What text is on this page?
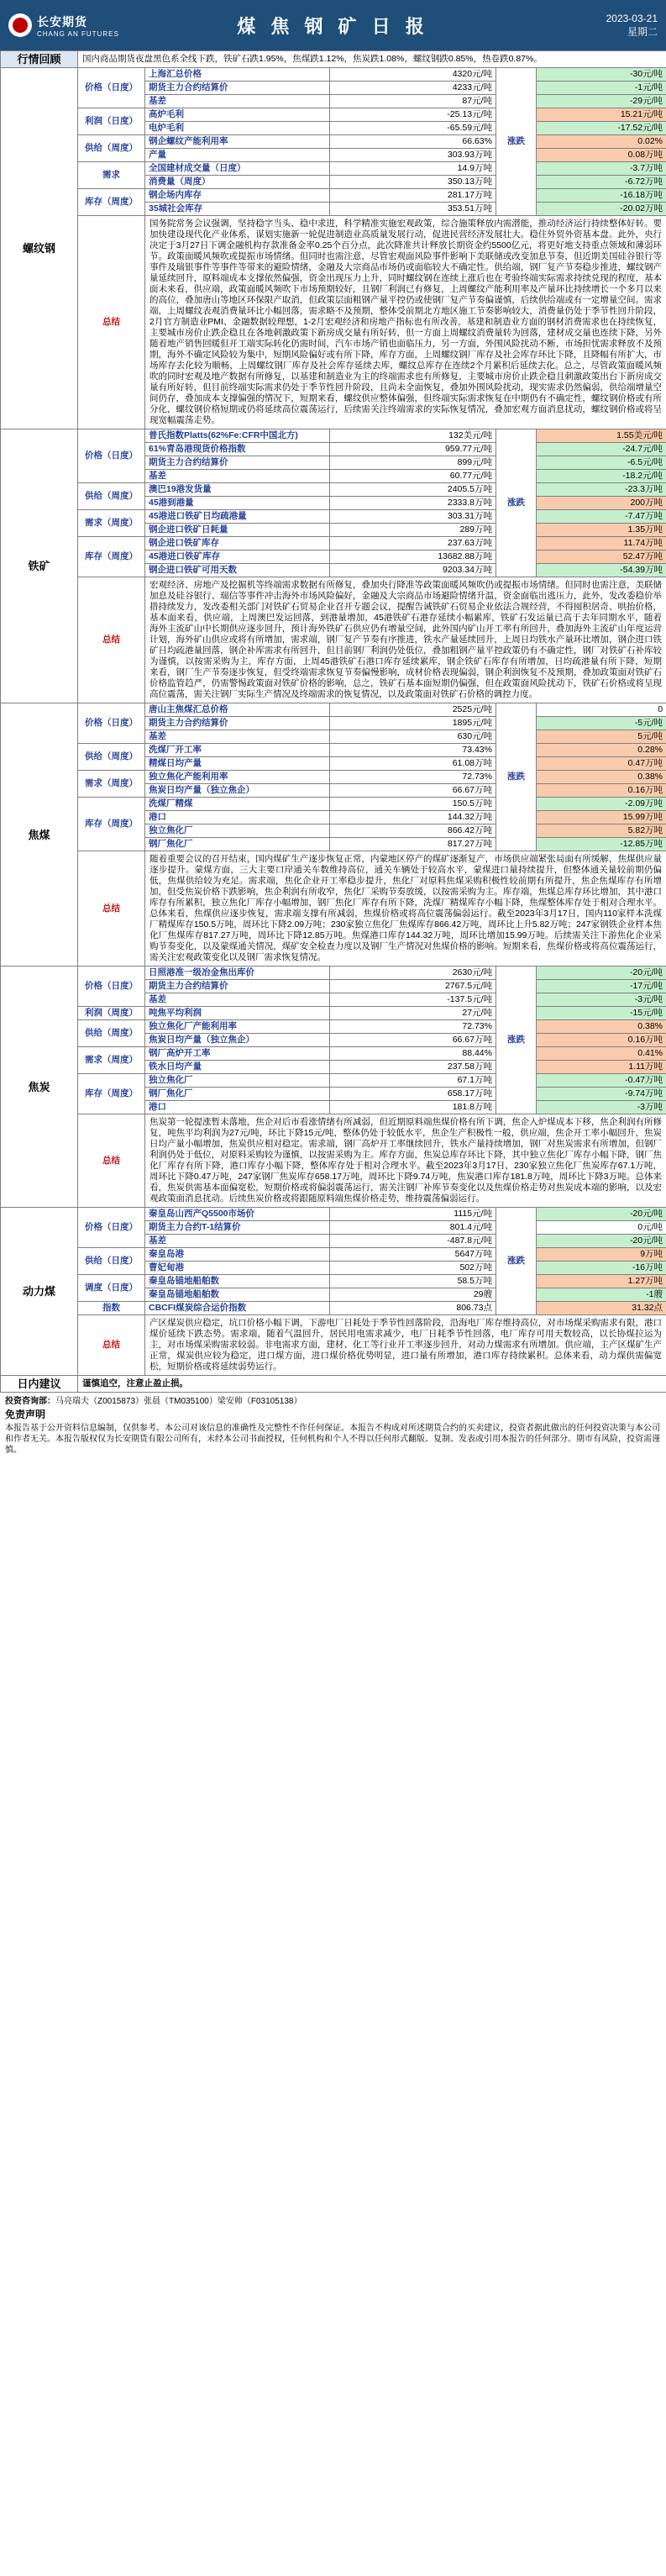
长安期货
CHANG AN FUTURES	煤 焦 钢 矿 日 报	2023-03-21
星期二
行情回顾	国内商品期货夜盘黑色系全线下跌，铁矿石跌1.95%，焦煤跌1.12%，焦炭跌1.08%，螺纹钢跌0.85%，热卷跌0.87%。				
螺纹钢	价格（日度）	上海汇总价格	4320元/吨	涨跌	-30元/吨
		期货主力合约结算价	4233元/吨		-1元/吨
		基差	87元/吨		-29元/吨
	利润（日度）	高炉毛利	-25.13元/吨		15.21元/吨
		电炉毛利	-65.59元/吨		-17.52元/吨
	供给（周度）	钢企螺纹产能利用率	66.63%		0.02%
		产量	303.93万吨		0.08万吨
	需求	全国建材成交量（日度）	14.9万吨		-3.7万吨
		消费量（周度）	350.13万吨		-6.72万吨
	库存（周度）	钢企场内库存	281.17万吨		-16.18万吨
		35城社会库存	353.51万吨		-20.02万吨
	总结	国务院常务会议强调，坚持稳字当头、稳中求进，科学精准实施宏观政策，综合施策释放内需潜能，推动经济运行持续整体好转。要加快建设现代化产业体系，谋划实施新一轮促进制造业高质量发展行动，促进民营经济发展壮大。稳住外贸外资基本盘。此外，央行决定于3月27日下调金融机构存款准备金率0.25个百分点，此次降准共计释放长期资金约5500亿元，将更好地支持重点领域和薄弱环节。政策面暖风频吹或提振市场情绪。但同时也需注意，尽管宏观面风险事件影响下美联储或改变加息节奏，但近期美国硅谷银行等事件及瑞银事件等事件等带来的避险情绪，金融及大宗商品市场仍或面临较大不确定性。供给端，钢厂复产节奏稳步推进，螺纹钢产量延续回升，原料端成本支撑依然偏强，资金出现压力上升，同时螺纹钢在连续上涨后也在考验终端实际需求持续兑现的程度，基本面未来看，供应端，政策面暖风频吹下市场预期较好，且钢厂利润已有修复，上周螺纹产能利用率及产量环比持续增长一个多月以来的高位，叠加唐山等地区环保限产取消，但政策层面粗钢产量平控仍或使钢厂复产节奏偏谨慎，后续供给端或有一定增量空间。需求端，上周螺纹表观消费量环比小幅回落，需求略不及预期，整体受前期北方地区施工节奏影响较大，消费量仍处于季节性回升阶段，2月官方制造业PMI、金融数据较理想，1-2月宏观经济和房地产指标也有所改善，基建和制造业方面的钢材消费需求也在持续恢复，主要城市房价止跌企稳且在各地刺激政策下新房成交量有所好转，但一方面上周螺纹消费量转为回落，建材成交量也连续下降，另外随着地产销售回暖但开工端实际转化仍需时间，汽车市场产销也面临压力，另一方面，外围风险扰动不断，市场担忧需求释放不及预期，海外不确定风险较为集中，短期风险偏好或有所下降，库存方面，上周螺纹钢厂库存及社会库存环比下降，且降幅有所扩大，市场库存去化较为顺畅，上周螺纹钢厂库存及社会库存延续去库，螺纹总库存在连续2个月累积后延续去化。总之，尽管政策面暖风频吹的同时宏观及地产数据有所修复，以基建和制造业为主的终端需求也有所修复，主要城市房价止跌企稳且刺激政策出台下新房成交量有所好转，但目前终端实际需求仍处于季节性回升阶段，且尚未全面恢复，叠加外围风险扰动，现实需求仍然偏弱，供给端增量空间仍存，叠加成本支撑偏强的情况下，短期来看，螺纹供应整体偏强，但终端实际需求恢复在中期仍有不确定性，螺纹钢价格或有所分化，螺纹钢价格短期或仍将延续高位震荡运行，后续需关注终端需求的实际恢复情况，叠加宏观方面消息扰动，螺纹钢价格或将呈现宽幅震荡走势。			
铁矿	价格（日度）	普氏指数Platts(62%Fe:CFR中国北方)	132美元/吨	涨跌	1.55美元/吨
		61%青岛港现货价格指数	959.77元/吨		-24.7元/吨
		期货主力合约结算价	899元/吨		-6.5元/吨
		基差	60.77元/吨		-18.2元/吨
	供给（周度）	澳巴19港发货量	2405.5万吨		-23.3万吨
		45港到港量	2333.8万吨		200万吨
	需求（周度）	45港进口铁矿日均疏港量	303.31万吨		-7.47万吨
		钢企进口铁矿日耗量	289万吨		1.35万吨
	库存（周度）	钢企进口铁矿库存	237.63万吨		11.74万吨
		45港进口铁矿库存	13682.88万吨		52.47万吨
		钢企进口铁矿可用天数	9203.34万吨		-54.39万吨
	总结	宏观经济、房地产及挖掘机等终端需求数据有所修复，叠加央行降准等政策面暖风频吹仍或提振市场情绪。但同时也需注意，美联储加息及硅谷银行、瑞信等事件冲击海外市场风险偏好，金融及大宗商品市场避险情绪升温，资金面临出逃压力，此外，发改委稳价举措持续发力，发改委相关部门对铁矿石贸易企业召开专题会议，提醒告诫铁矿石贸易企业依法合规经营，不得囤积居奇、哄抬价格，基本面来看，供应端，上周澳巴发运回落，到港量增加，45港铁矿石港存延续小幅累库，铁矿石发运量已高于去年同期水平，随着海外主流矿山中长期供应逐步回升，预计海外铁矿石供应仍有增量空间，此外国内矿山开工率有所回升，叠加海外主流矿山年度运营计划，海外矿山供应或将有所增加，需求端，钢厂复产节奏有序推进，铁水产量延续回升，上周日均铁水产量环比增加，钢企进口铁矿日均疏港量回落，钢企补库需求有所回升，但目前钢厂利润仍处低位，叠加粗钢产量平控政策仍有不确定性，钢厂对铁矿石补库较为谨慎，以按需采购为主，库存方面，上周45港铁矿石港口库存延续累库，钢企铁矿石库存有所增加，日均疏港量有所下降，短期来看，钢厂生产节奏逐步恢复，但受终端需求恢复节奏偏慢影响，成材价格表现偏弱，钢企利润恢复不及预期，叠加政策面对铁矿石价格监管趋严，仍需警惕政策面对铁矿价格的影响，总之，铁矿石基本面短期仍偏强，但在政策面风险扰动下，铁矿石价格或将呈现高位震荡，需关注钢厂实际生产情况及终端需求的恢复情况，以及政策面对铁矿石价格的调控力度。			
焦煤	价格（日度）	唐山主焦煤汇总价格	2525元/吨	涨跌	0
		期货主力合约结算价	1895元/吨		-5元/吨
		基差	630元/吨		5元/吨
	供给（周度）	洗煤厂开工率	73.43%		0.28%
		精煤日均产量	61.08万吨		0.47万吨
	需求（周度）	独立焦化产能利用率	72.73%		0.38%
		焦炭日均产量（独立焦企）	66.67万吨		0.16万吨
	库存（周度）	洗煤厂精煤	150.5万吨		-2.09万吨
		港口	144.32万吨		15.99万吨
		独立焦化厂	866.42万吨		5.82万吨
		钢厂焦化厂	817.27万吨		-12.85万吨
	总结	随着重要会议的召开结束，国内煤矿生产逐步恢复正常，内蒙地区停产的煤矿逐渐复产，市场供应端紧张局面有所缓解，焦煤供应量逐步提升。蒙煤方面，三大主要口岸通关车数维持高位，通关车辆处于较高水平，蒙煤进口量持续提升，但整体通关量较前期仍偏低，焦煤供给较为充足。需求端，焦化企业开工率稳步提升，焦化厂对原料焦煤采购积极性较前期有所提升，焦企焦煤库存有所增加，但受焦炭价格下跌影响，焦企利润有所收窄，焦化厂采购节奏放缓，以按需采购为主。库存端，焦煤总库存环比增加，其中港口库存有所累积，独立焦化厂库存小幅增加，钢厂焦化厂库存有所下降，洗煤厂精煤库存小幅下降，焦煤整体库存处于相对合理水平。总体来看，焦煤供应逐步恢复，需求端支撑有所减弱，焦煤价格或将高位震荡偏弱运行。截至2023年3月17日，国内110家样本洗煤厂精煤库存150.5万吨，周环比下降2.09万吨；230家独立焦化厂焦煤库存866.42万吨，周环比上升5.82万吨；247家钢铁企业样本焦化厂焦煤库存817.27万吨，周环比下降12.85万吨。焦煤港口库存144.32万吨，周环比增加15.99万吨。后续需关注下游焦化企业采购节奏变化，以及蒙煤通关情况，煤矿安全检查力度以及钢厂生产情况对焦煤价格的影响。短期来看，焦煤价格或将高位震荡运行，需关注宏观政策变化以及钢厂需求恢复情况。			
焦炭	价格（日度）	日照港准一级冶金焦出库价	2630元/吨	涨跌	-20元/吨
		期货主力合约结算价	2767.5元/吨		-17元/吨
		基差	-137.5元/吨		-3元/吨
	利润（周度）	吨焦平均利润	27元/吨		-15元/吨
	供给（周度）	独立焦化厂产能利用率	72.73%		0.38%
		焦炭日均产量（独立焦企）	66.67万吨		0.16万吨
	需求（周度）	钢厂高炉开工率	88.44%		0.41%
		铁水日均产量	237.58万吨		1.11万吨
	库存（周度）	独立焦化厂	67.1万吨		-0.47万吨
		钢厂焦化厂	658.17万吨		-9.74万吨
		港口	181.8万吨		-3万吨
	总结	焦炭第一轮提涨暂未落地，焦企对后市看涨情绪有所减弱，但近期原料端焦煤价格有所下调，焦企入炉煤成本下移，焦企利润有所修复，吨焦平均利润为27元/吨，环比下降15元/吨，整体仍处于较低水平，焦企生产积极性一般，供应端，焦企开工率小幅回升，焦炭日均产量小幅增加，焦炭供应相对稳定。需求端，钢厂高炉开工率继续回升，铁水产量持续增加，钢厂对焦炭需求有所增加，但钢厂利润仍处于低位，对原料采购较为谨慎，以按需采购为主。库存方面，焦炭总库存环比下降，其中独立焦化厂库存小幅下降，钢厂焦化厂库存有所下降，港口库存小幅下降，整体库存处于相对合理水平。截至2023年3月17日，230家独立焦化厂焦炭库存67.1万吨，周环比下降0.47万吨，247家钢厂焦炭库存658.17万吨，周环比下降9.74万吨，焦炭港口库存181.8万吨，周环比下降3万吨。总体来看，焦炭供需基本面偏宽松，短期价格或将偏弱震荡运行，需关注钢厂补库节奏变化以及焦煤价格走势对焦炭成本端的影响，以及宏观政策面消息扰动。后续焦炭价格或将跟随原料端焦煤价格走势，维持震荡偏弱运行。			
动力煤	价格（日度）	秦皇岛山西产Q5500市场价	1115元/吨	涨跌	-20元/吨
		期货主力合约T-1结算价	801.4元/吨		0元/吨
		基差	-487.8元/吨		-20元/吨
	供给（日度）	秦皇岛港	5647万吨		9万吨
		曹妃甸港	502万吨		-16万吨
	调度（日度）	秦皇岛锚地船舶数	58.5万吨		1.27万吨
		秦皇岛锚地船舶数	29艘		-1艘
	指数	CBCFI煤炭综合运价指数	806.73点		31.32点
	总结	产区煤炭供应稳定，坑口价格小幅下调，下游电厂日耗处于季节性回落阶段，沿海电厂库存维持高位，对市场煤采购需求有限，港口煤价延续下跌态势。需求端，随着气温回升，居民用电需求减少，电厂日耗季节性回落，电厂库存可用天数较高，以长协煤拉运为主，对市场煤采购需求较弱。非电需求方面，建材、化工等行业开工率逐步回升，对动力煤需求有所增加。供应端，主产区煤矿生产正常，煤炭供应较为稳定，进口煤方面，进口煤价格优势明显，进口量有所增加，港口库存持续累积。总体来看，动力煤供需偏宽松，短期价格或将延续弱势运行。			
日内建议	谨慎追空，注意止盈止损。				
投资咨询部：马亮瑞夫（Z0015873）张晨（TM035100）梁安帅（F03105138）
免责声明
本报告基于公开资料信息编制，仅供参考。本公司对该信息的准确性及完整性不作任何保证。本报告不构成对所述期货合约的买卖建议，投资者据此做出的任何投资决策与本公司和作者无关。本报告版权仅为长安期货有限公司所有，未经本公司书面授权，任何机构和个人不得以任何形式翻版、复制、发表或引用本报告的任何部分。期市有风险，投资需谨慎。
